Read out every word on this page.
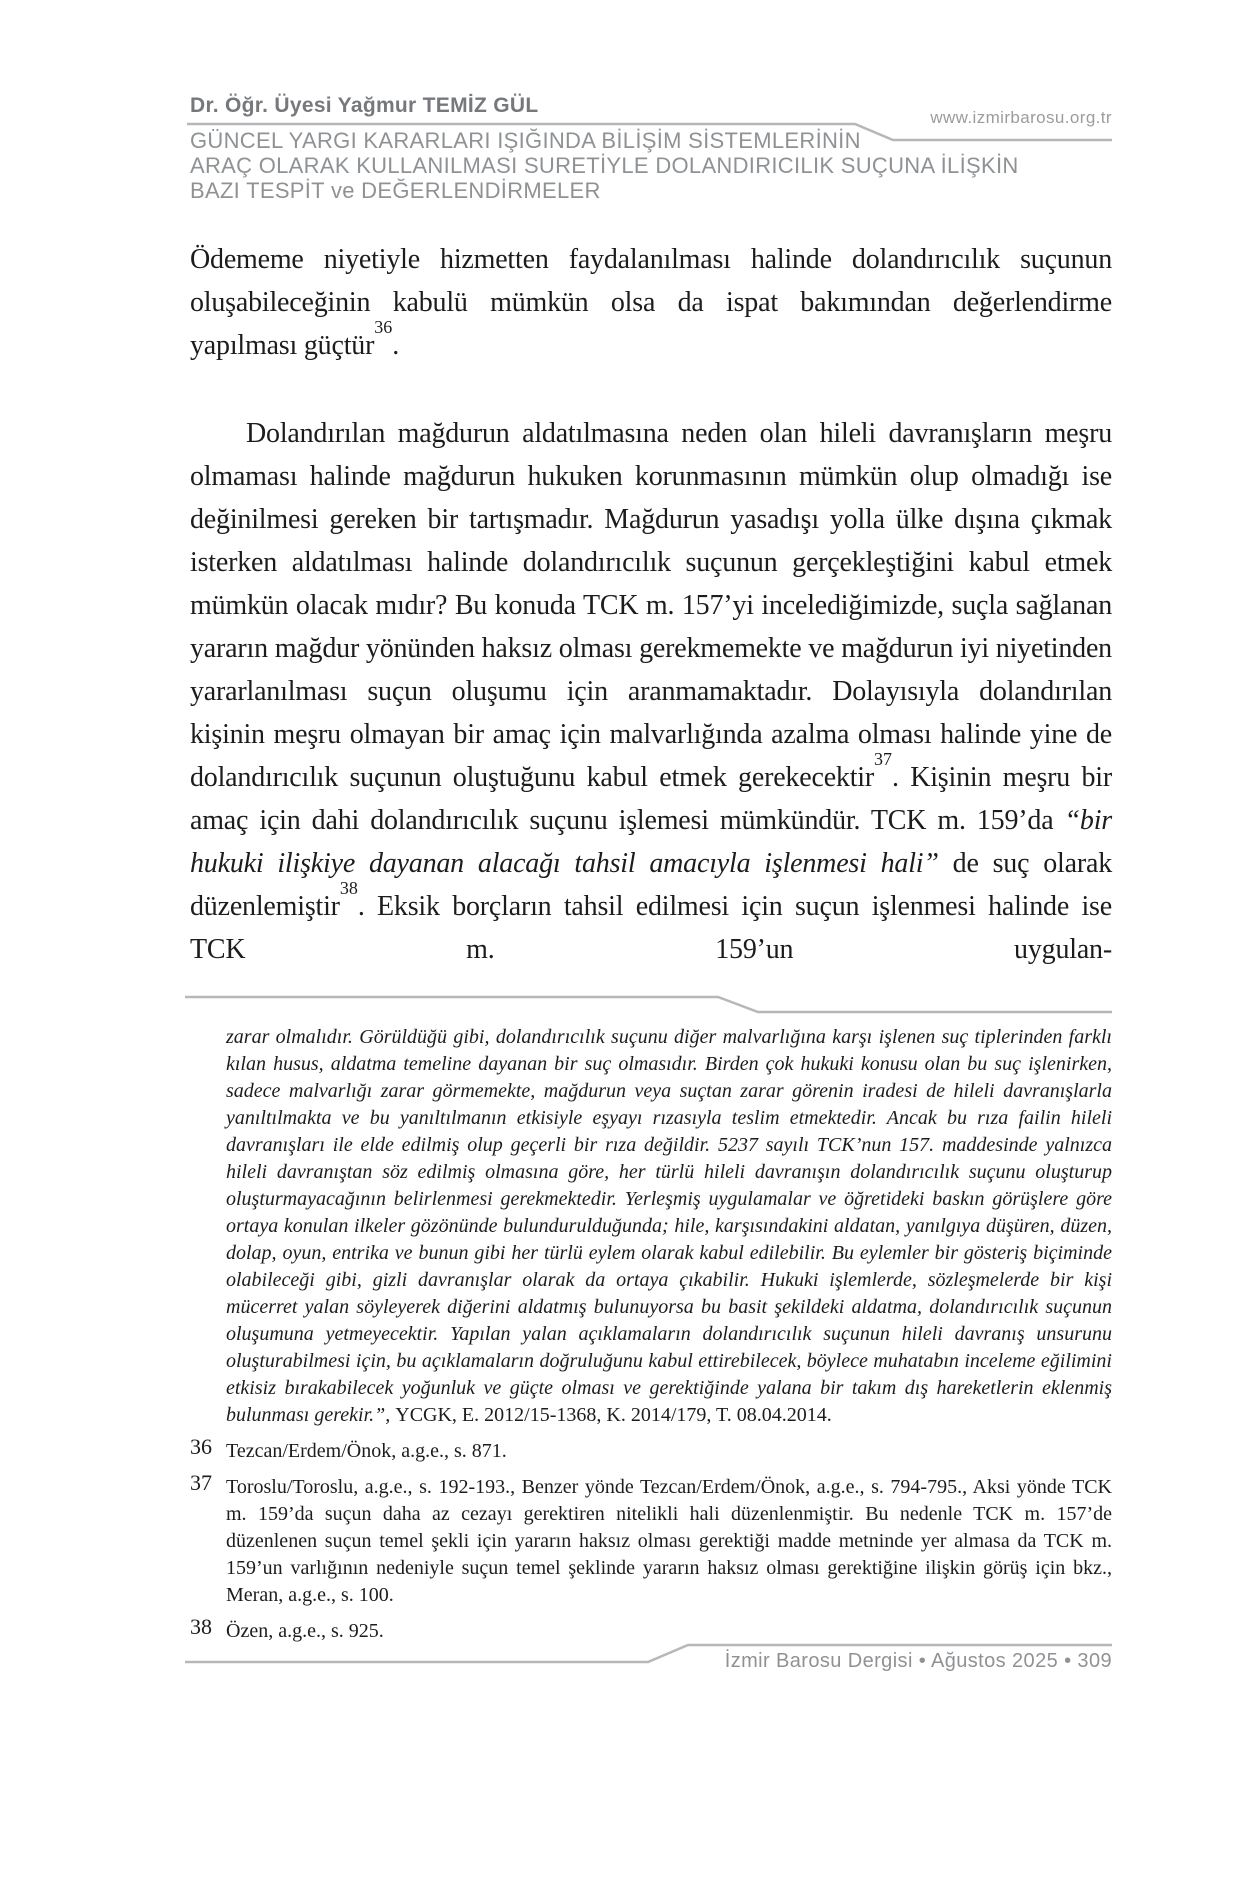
Dr. Öğr. Üyesi Yağmur TEMİZ GÜL
www.izmirbarosu.org.tr
GÜNCEL YARGI KARARLARI IŞIĞINDA BİLİŞİM SİSTEMLERİNİN
ARAÇ OLARAK KULLANILMASI SURETİYLE DOLANDIRICILIK SUÇUNA İLİŞKİN
BAZI TESPİT ve DEĞERLENDİRMELER

Ödememe niyetiyle hizmetten faydalanılması halinde dolandırıcılık suçunun oluşabileceğinin kabulü mümkün olsa da ispat bakımından değerlendirme yapılması güçtür$^{36}$.

Dolandırılan mağdurun aldatılmasına neden olan hileli davranışların meşru olmaması halinde mağdurun hukuken korunmasının mümkün olup olmadığı ise değinilmesi gereken bir tartışmadır. Mağdurun yasadışı yolla ülke dışına çıkmak isterken aldatılması halinde dolandırıcılık suçunun gerçekleştiğini kabul etmek mümkün olacak mıdır? Bu konuda TCK m. 157’yi incelediğimizde, suçla sağlanan yararın mağdur yönünden haksız olması gerekmemekte ve mağdurun iyi niyetinden yararlanılması suçun oluşumu için aranmamaktadır. Dolayısıyla dolandırılan kişinin meşru olmayan bir amaç için malvarlığında azalma olması halinde yine de dolandırıcılık suçunun oluştuğunu kabul etmek gerekecektir$^{37}$. Kişinin meşru bir amaç için dahi dolandırıcılık suçunu işlemesi mümkündür. TCK m. 159’da “bir hukuki ilişkiye dayanan alacağı tahsil amacıyla işlenmesi hali” de suç olarak düzenlemiştir$^{38}$. Eksik borçların tahsil edilmesi için suçun işlenmesi halinde ise TCK m. 159’un uygulan-

zarar olmalıdır. Görüldüğü gibi, dolandırıcılık suçunu diğer malvarlığına karşı işlenen suç tiplerinden farklı kılan husus, aldatma temeline dayanan bir suç olmasıdır. Birden çok hukuki konusu olan bu suç işlenirken, sadece malvarlığı zarar görmemekte, mağdurun veya suçtan zarar görenin iradesi de hileli davranışlarla yanıltılmakta ve bu yanıltılmanın etkisiyle eşyayı rızasıyla teslim etmektedir. Ancak bu rıza failin hileli davranışları ile elde edilmiş olup geçerli bir rıza değildir. 5237 sayılı TCK’nun 157. maddesinde yalnızca hileli davranıştan söz edilmiş olmasına göre, her türlü hileli davranışın dolandırıcılık suçunu oluşturup oluşturmayacağının belirlenmesi gerekmektedir. Yerleşmiş uygulamalar ve öğretideki baskın görüşlere göre ortaya konulan ilkeler gözönünde bulundurulduğunda; hile, karşısındakini aldatan, yanılgıya düşüren, düzen, dolap, oyun, entrika ve bunun gibi her türlü eylem olarak kabul edilebilir. Bu eylemler bir gösteriş biçiminde olabileceği gibi, gizli davranışlar olarak da ortaya çıkabilir. Hukuki işlemlerde, sözleşmelerde bir kişi mücerret yalan söyleyerek diğerini aldatmış bulunuyorsa bu basit şekildeki aldatma, dolandırıcılık suçunun oluşumuna yetmeyecektir. Yapılan yalan açıklamaların dolandırıcılık suçunun hileli davranış unsurunu oluşturabilmesi için, bu açıklamaların doğruluğunu kabul ettirebilecek, böylece muhatabın inceleme eğilimini etkisiz bırakabilecek yoğunluk ve güçte olması ve gerektiğinde yalana bir takım dış hareketlerin eklenmiş bulunması gerekir.”, YCGK, E. 2012/15-1368, K. 2014/179, T. 08.04.2014.
36 Tezcan/Erdem/Önok, a.g.e., s. 871.
37 Toroslu/Toroslu, a.g.e., s. 192-193., Benzer yönde Tezcan/Erdem/Önok, a.g.e., s. 794-795., Aksi yönde TCK m. 159’da suçun daha az cezayı gerektiren nitelikli hali düzenlenmiştir. Bu nedenle TCK m. 157’de düzenlenen suçun temel şekli için yararın haksız olması gerektiği madde metninde yer almasa da TCK m. 159’un varlığının nedeniyle suçun temel şeklinde yararın haksız olması gerektiğine ilişkin görüş için bkz., Meran, a.g.e., s. 100.
38 Özen, a.g.e., s. 925.
İzmir Barosu Dergisi • Ağustos 2025 • 309
